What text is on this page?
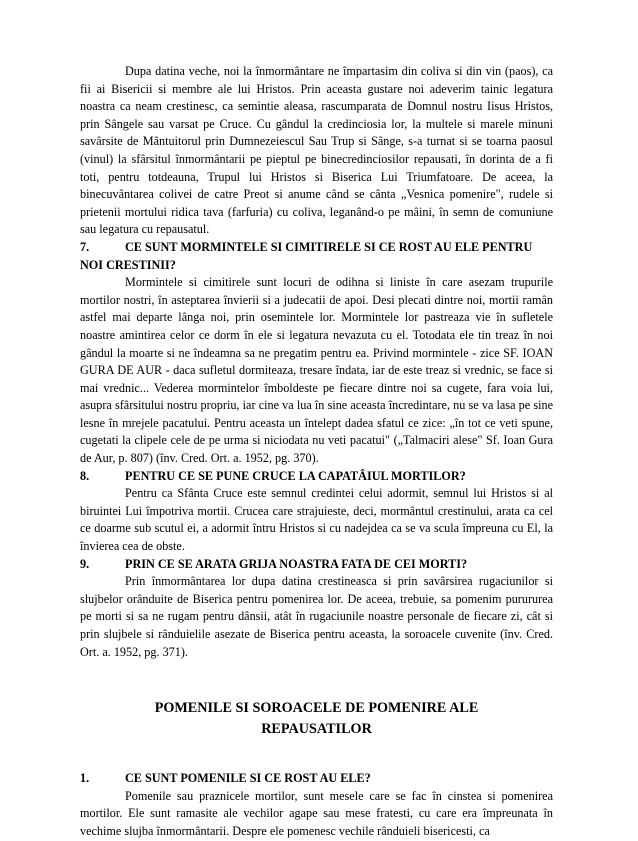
Dupa datina veche, noi la înmormântare ne împartasim din coliva si din vin (paos), ca fii ai Bisericii si membre ale lui Hristos. Prin aceasta gustare noi adeverim tainic legatura noastra ca neam crestinesc, ca semintie aleasa, rascumparata de Domnul nostru Iisus Hristos, prin Sângele sau varsat pe Cruce. Cu gândul la credinciosia lor, la multele si marele minuni savârsite de Mântuitorul prin Dumnezeiescul Sau Trup si Sânge, s-a turnat si se toarna paosul (vinul) la sfârsitul înmormântarii pe pieptul pe binecredinciosilor repausati, în dorinta de a fi toti, pentru totdeauna, Trupul lui Hristos si Biserica Lui Triumfatoare. De aceea, la binecuvântarea colivei de catre Preot si anume când se cânta „Vesnica pomenire", rudele si prietenii mortului ridica tava (farfuria) cu coliva, leganând-o pe mâini, în semn de comuniune sau legatura cu repausatul.

7.	CE SUNT MORMINTELE SI CIMITIRELE SI CE ROST AU ELE PENTRU NOI CRESTINII?

Mormintele si cimitirele sunt locuri de odihna si liniste în care asezam trupurile mortilor nostri, în asteptarea învierii si a judecatii de apoi. Desi plecati dintre noi, mortii ramân astfel mai departe lânga noi, prin osemintele lor. Mormintele lor pastreaza vie în sufletele noastre amintirea celor ce dorm în ele si legatura nevazuta cu el. Totodata ele tin treaz în noi gândul la moarte si ne îndeamna sa ne pregatim pentru ea. Privind mormintele - zice SF. IOAN GURA DE AUR - daca sufletul dormiteaza, tresare îndata, iar de este treaz si vrednic, se face si mai vrednic... Vederea mormintelor îmboldeste pe fiecare dintre noi sa cugete, fara voia lui, asupra sfârsitului nostru propriu, iar cine va lua în sine aceasta încredintare, nu se va lasa pe sine lesne în mrejele pacatului. Pentru aceasta un întelept dadea sfatul ce zice: „în tot ce veti spune, cugetati la clipele cele de pe urma si niciodata nu veti pacatui" („Talmaciri alese" Sf. Ioan Gura de Aur, p. 807) (înv. Cred. Ort. a. 1952, pg. 370).

8.	PENTRU CE SE PUNE CRUCE LA CAPATÂIUL MORTILOR?

Pentru ca Sfânta Cruce este semnul credintei celui adormit, semnul lui Hristos si al biruintei Lui împotriva mortii. Crucea care strajuieste, deci, mormântul crestinului, arata ca cel ce doarme sub scutul ei, a adormit întru Hristos si cu nadejdea ca se va scula împreuna cu El, la învierea cea de obste.

9.	PRIN CE SE ARATA GRIJA NOASTRA FATA DE CEI MORTI?

Prin înmormântarea lor dupa datina crestineasca si prin savârsirea rugaciunilor si slujbelor orânduite de Biserica pentru pomenirea lor. De aceea, trebuie, sa pomenim purururea pe morti si sa ne rugam pentru dânsii, atât în rugaciunile noastre personale de fiecare zi, cât si prin slujbele si rânduielile asezate de Biserica pentru aceasta, la soroacele cuvenite (înv. Cred. Ort. a. 1952, pg. 371).

POMENILE SI SOROACELE DE POMENIRE ALE REPAUSATILOR
1.	CE SUNT POMENILE SI CE ROST AU ELE?

Pomenile sau praznicele mortilor, sunt mesele care se fac în cinstea si pomenirea mortilor. Ele sunt ramasite ale vechilor agape sau mese fratesti, cu care era împreunata în vechime slujba înmormântarii. Despre ele pomenesc vechile rânduieli bisericesti, ca
